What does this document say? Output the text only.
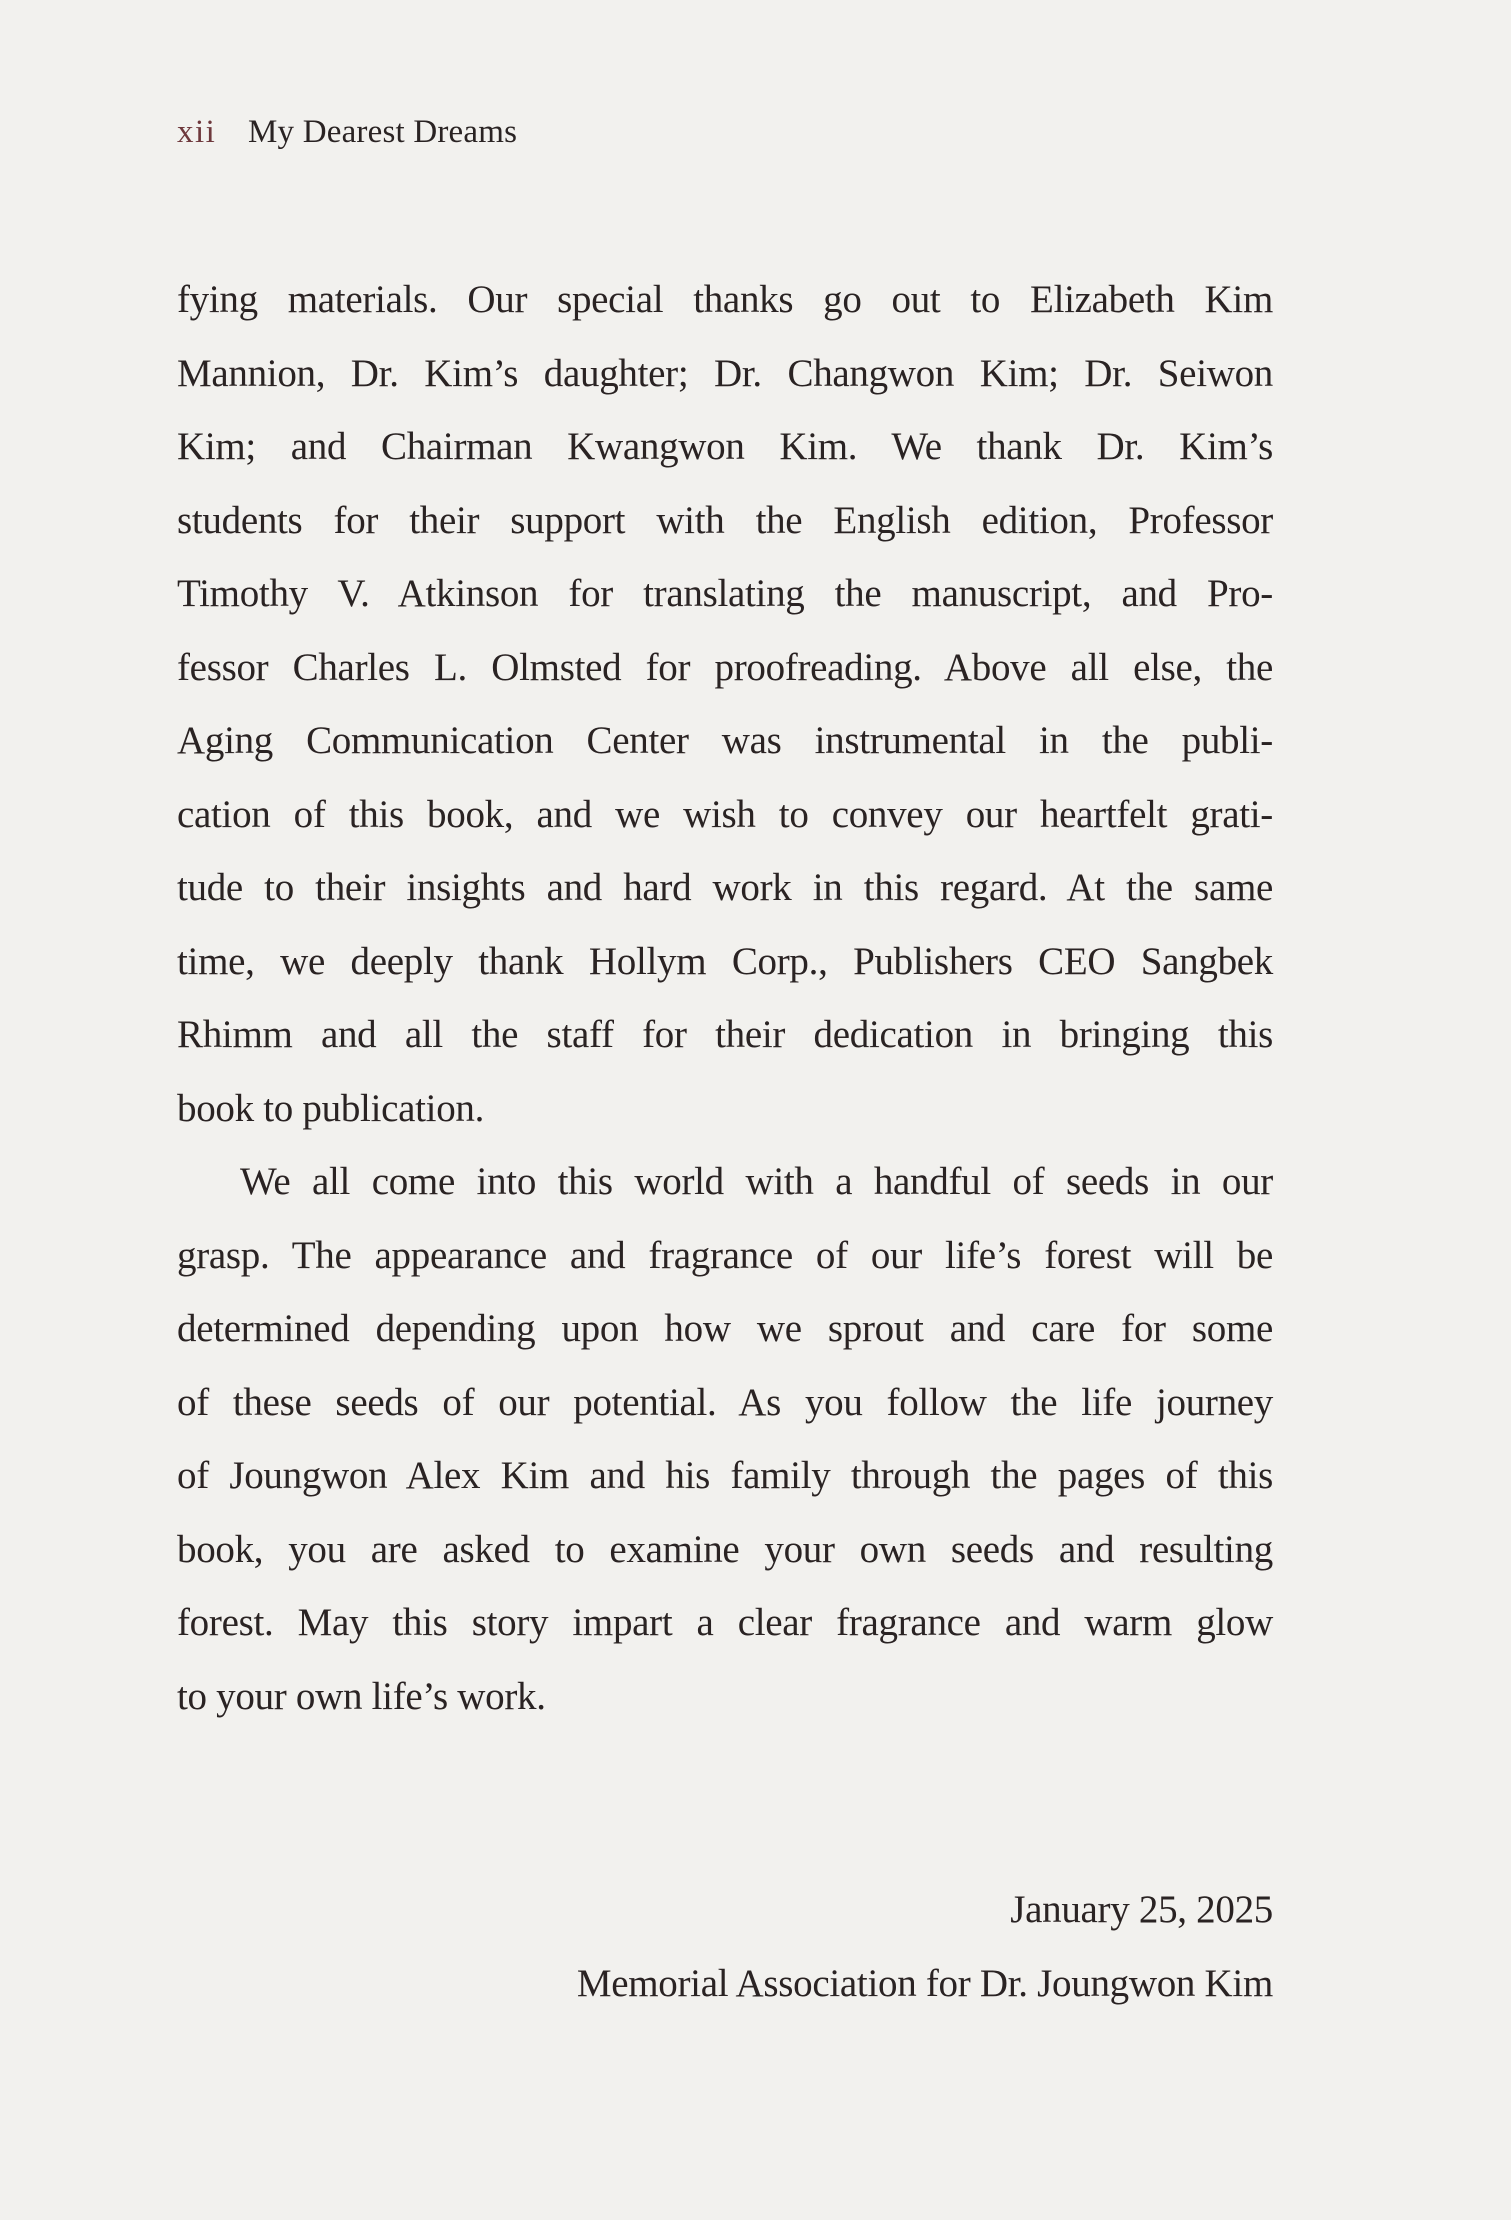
xii My Dearest Dreams
fying materials. Our special thanks go out to Elizabeth Kim
Mannion, Dr. Kim’s daughter; Dr. Changwon Kim; Dr. Seiwon
Kim; and Chairman Kwangwon Kim. We thank Dr. Kim’s
students for their support with the English edition, Professor
Timothy V. Atkinson for translating the manuscript, and Pro-
fessor Charles L. Olmsted for proofreading. Above all else, the
Aging Communication Center was instrumental in the publi-
cation of this book, and we wish to convey our heartfelt grati-
tude to their insights and hard work in this regard. At the same
time, we deeply thank Hollym Corp., Publishers CEO Sangbek
Rhimm and all the staff for their dedication in bringing this
book to publication.
We all come into this world with a handful of seeds in our
grasp. The appearance and fragrance of our life’s forest will be
determined depending upon how we sprout and care for some
of these seeds of our potential. As you follow the life journey
of Joungwon Alex Kim and his family through the pages of this
book, you are asked to examine your own seeds and resulting
forest. May this story impart a clear fragrance and warm glow
to your own life’s work.
January 25, 2025
Memorial Association for Dr. Joungwon Kim
